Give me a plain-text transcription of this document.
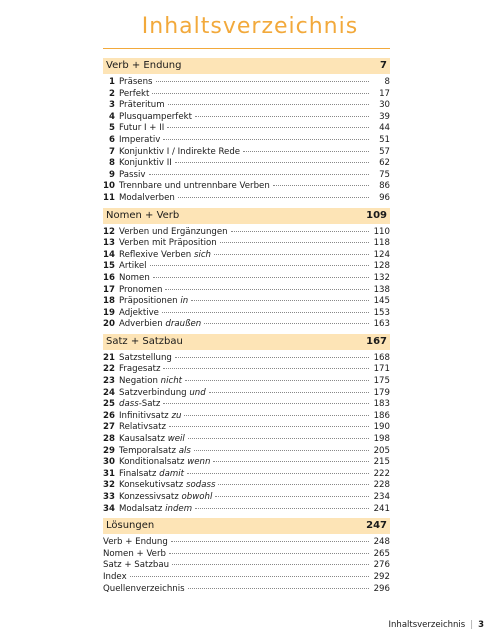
Inhaltsverzeichnis
Verb + Endung	7
1 Präsens	8
2 Perfekt	17
3 Präteritum	30
4 Plusquamperfekt	39
5 Futur I + II	44
6 Imperativ	51
7 Konjunktiv I / Indirekte Rede	57
8 Konjunktiv II	62
9 Passiv	75
10 Trennbare und untrennbare Verben	86
11 Modalverben	96
Nomen + Verb	109
12 Verben und Ergänzungen	110
13 Verben mit Präposition	118
14 Reflexive Verben sich	124
15 Artikel	128
16 Nomen	132
17 Pronomen	138
18 Präpositionen in	145
19 Adjektive	153
20 Adverbien draußen	163
Satz + Satzbau	167
21 Satzstellung	168
22 Fragesatz	171
23 Negation nicht	175
24 Satzverbindung und	179
25 dass-Satz	183
26 Infinitivsatz zu	186
27 Relativsatz	190
28 Kausalsatz weil	198
29 Temporalsatz als	205
30 Konditionalsatz wenn	215
31 Finalsatz damit	222
32 Konsekutivsatz sodass	228
33 Konzessivsatz obwohl	234
34 Modalsatz indem	241
Lösungen	247
Verb + Endung	248
Nomen + Verb	265
Satz + Satzbau	276
Index	292
Quellenverzeichnis	296
Inhaltsverzeichnis | 3
